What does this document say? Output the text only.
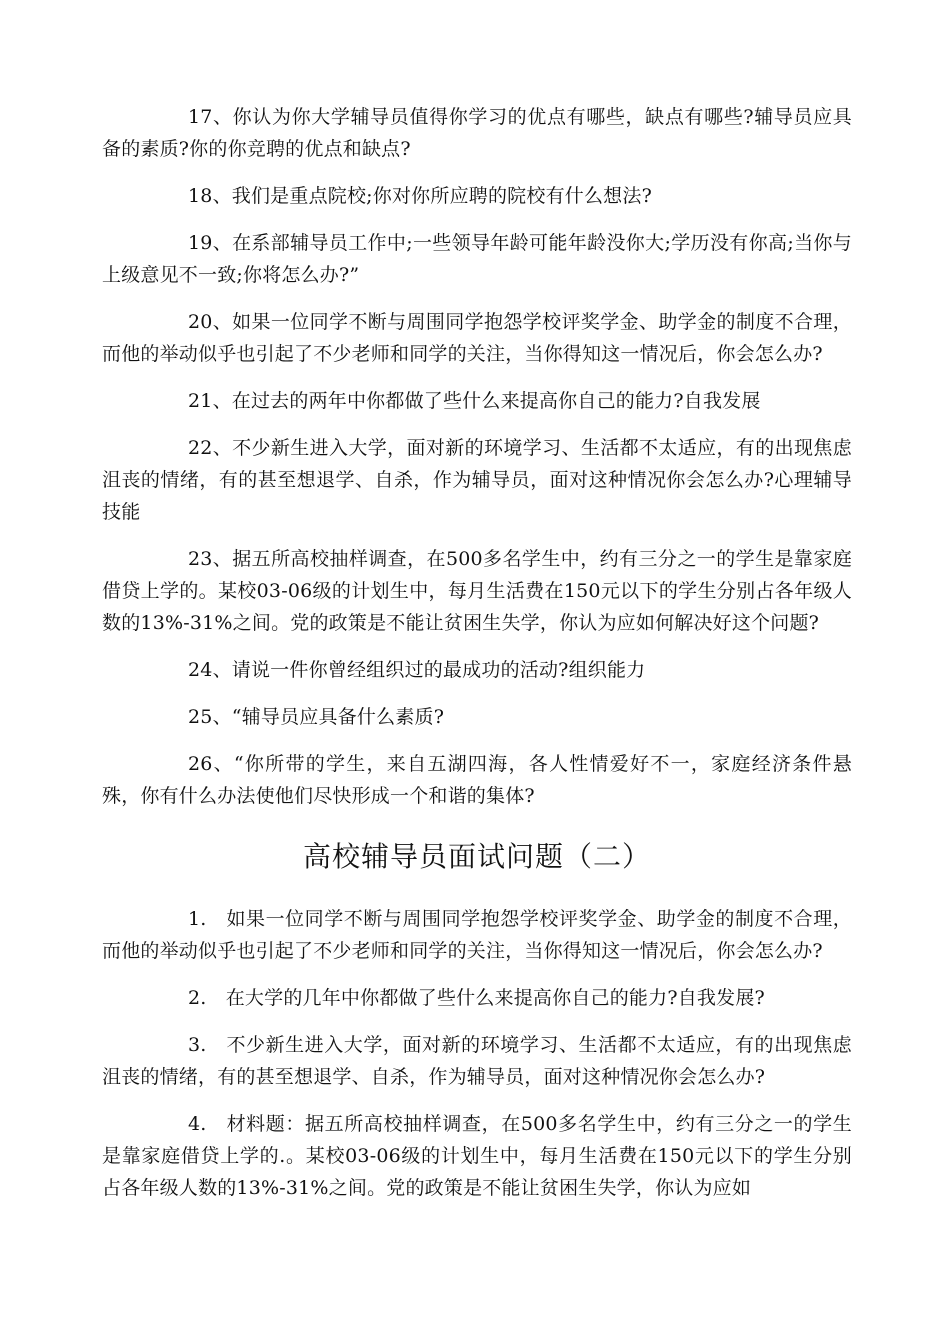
17、你认为你大学辅导员值得你学习的优点有哪些，缺点有哪些?辅导员应具备的素质?你的你竞聘的优点和缺点?

18、我们是重点院校;你对你所应聘的院校有什么想法?

19、在系部辅导员工作中;一些领导年龄可能年龄没你大;学历没有你高;当你与上级意见不一致;你将怎么办?”

20、如果一位同学不断与周围同学抱怨学校评奖学金、助学金的制度不合理，而他的举动似乎也引起了不少老师和同学的关注，当你得知这一情况后，你会怎么办?

21、在过去的两年中你都做了些什么来提高你自己的能力?自我发展

22、不少新生进入大学，面对新的环境学习、生活都不太适应，有的出现焦虑沮丧的情绪，有的甚至想退学、自杀，作为辅导员，面对这种情况你会怎么办?心理辅导技能

23、据五所高校抽样调查，在500多名学生中，约有三分之一的学生是靠家庭借贷上学的。某校03-06级的计划生中，每月生活费在150元以下的学生分别占各年级人数的13%-31%之间。党的政策是不能让贫困生失学，你认为应如何解决好这个问题?

24、请说一件你曾经组织过的最成功的活动?组织能力

25、“辅导员应具备什么素质?

26、“你所带的学生，来自五湖四海，各人性情爱好不一，家庭经济条件悬殊，你有什么办法使他们尽快形成一个和谐的集体?

高校辅导员面试问题（二）

1.　如果一位同学不断与周围同学抱怨学校评奖学金、助学金的制度不合理，而他的举动似乎也引起了不少老师和同学的关注，当你得知这一情况后，你会怎么办?

2.　在大学的几年中你都做了些什么来提高你自己的能力?自我发展?

3.　不少新生进入大学，面对新的环境学习、生活都不太适应，有的出现焦虑沮丧的情绪，有的甚至想退学、自杀，作为辅导员，面对这种情况你会怎么办?

4.　材料题：据五所高校抽样调查，在500多名学生中，约有三分之一的学生是靠家庭借贷上学的.。某校03-06级的计划生中，每月生活费在150元以下的学生分别占各年级人数的13%-31%之间。党的政策是不能让贫困生失学，你认为应如
